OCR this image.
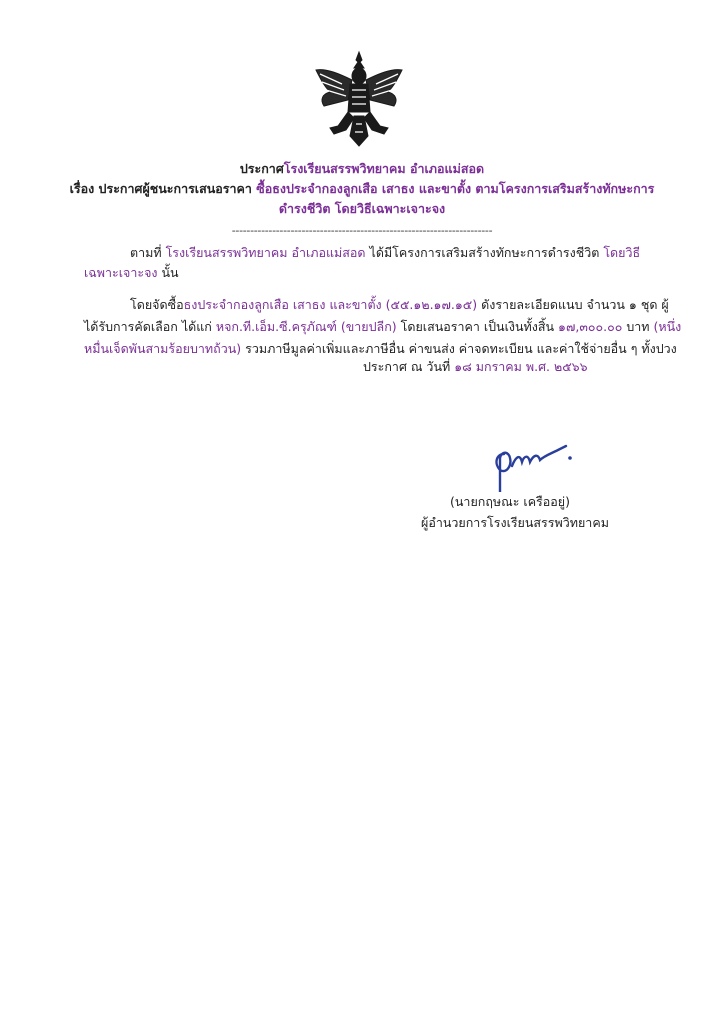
ประกาศโรงเรียนสรรพวิทยาคม อำเภอแม่สอด
เรื่อง ประกาศผู้ชนะการเสนอราคา ซื้อธงประจำกองลูกเสือ เสาธง และขาตั้ง ตามโครงการเสริมสร้างทักษะการ
ดำรงชีวิต โดยวิธีเฉพาะเจาะจง
-----------------------------------------------------------------------
ตามที่ โรงเรียนสรรพวิทยาคม อำเภอแม่สอด ได้มีโครงการเสริมสร้างทักษะการดำรงชีวิต โดยวิธี
เฉพาะเจาะจง นั้น
โดยจัดซื้อธงประจำกองลูกเสือ เสาธง และขาตั้ง (๕๕.๑๒.๑๗.๑๕) ดังรายละเอียดแนบ จำนวน ๑ ชุด ผู้
ได้รับการคัดเลือก ได้แก่ หจก.ที.เอ็ม.ซี.ครุภัณฑ์ (ขายปลีก) โดยเสนอราคา เป็นเงินทั้งสิ้น ๑๗,๓๐๐.๐๐ บาท (หนึ่ง
หมื่นเจ็ดพันสามร้อยบาทถ้วน) รวมภาษีมูลค่าเพิ่มและภาษีอื่น ค่าขนส่ง ค่าจดทะเบียน และค่าใช้จ่ายอื่น ๆ ทั้งปวง
ประกาศ ณ วันที่ ๑๘ มกราคม พ.ศ. ๒๕๖๖
(นายกฤษณะ เครืออยู่)
ผู้อำนวยการโรงเรียนสรรพวิทยาคม
